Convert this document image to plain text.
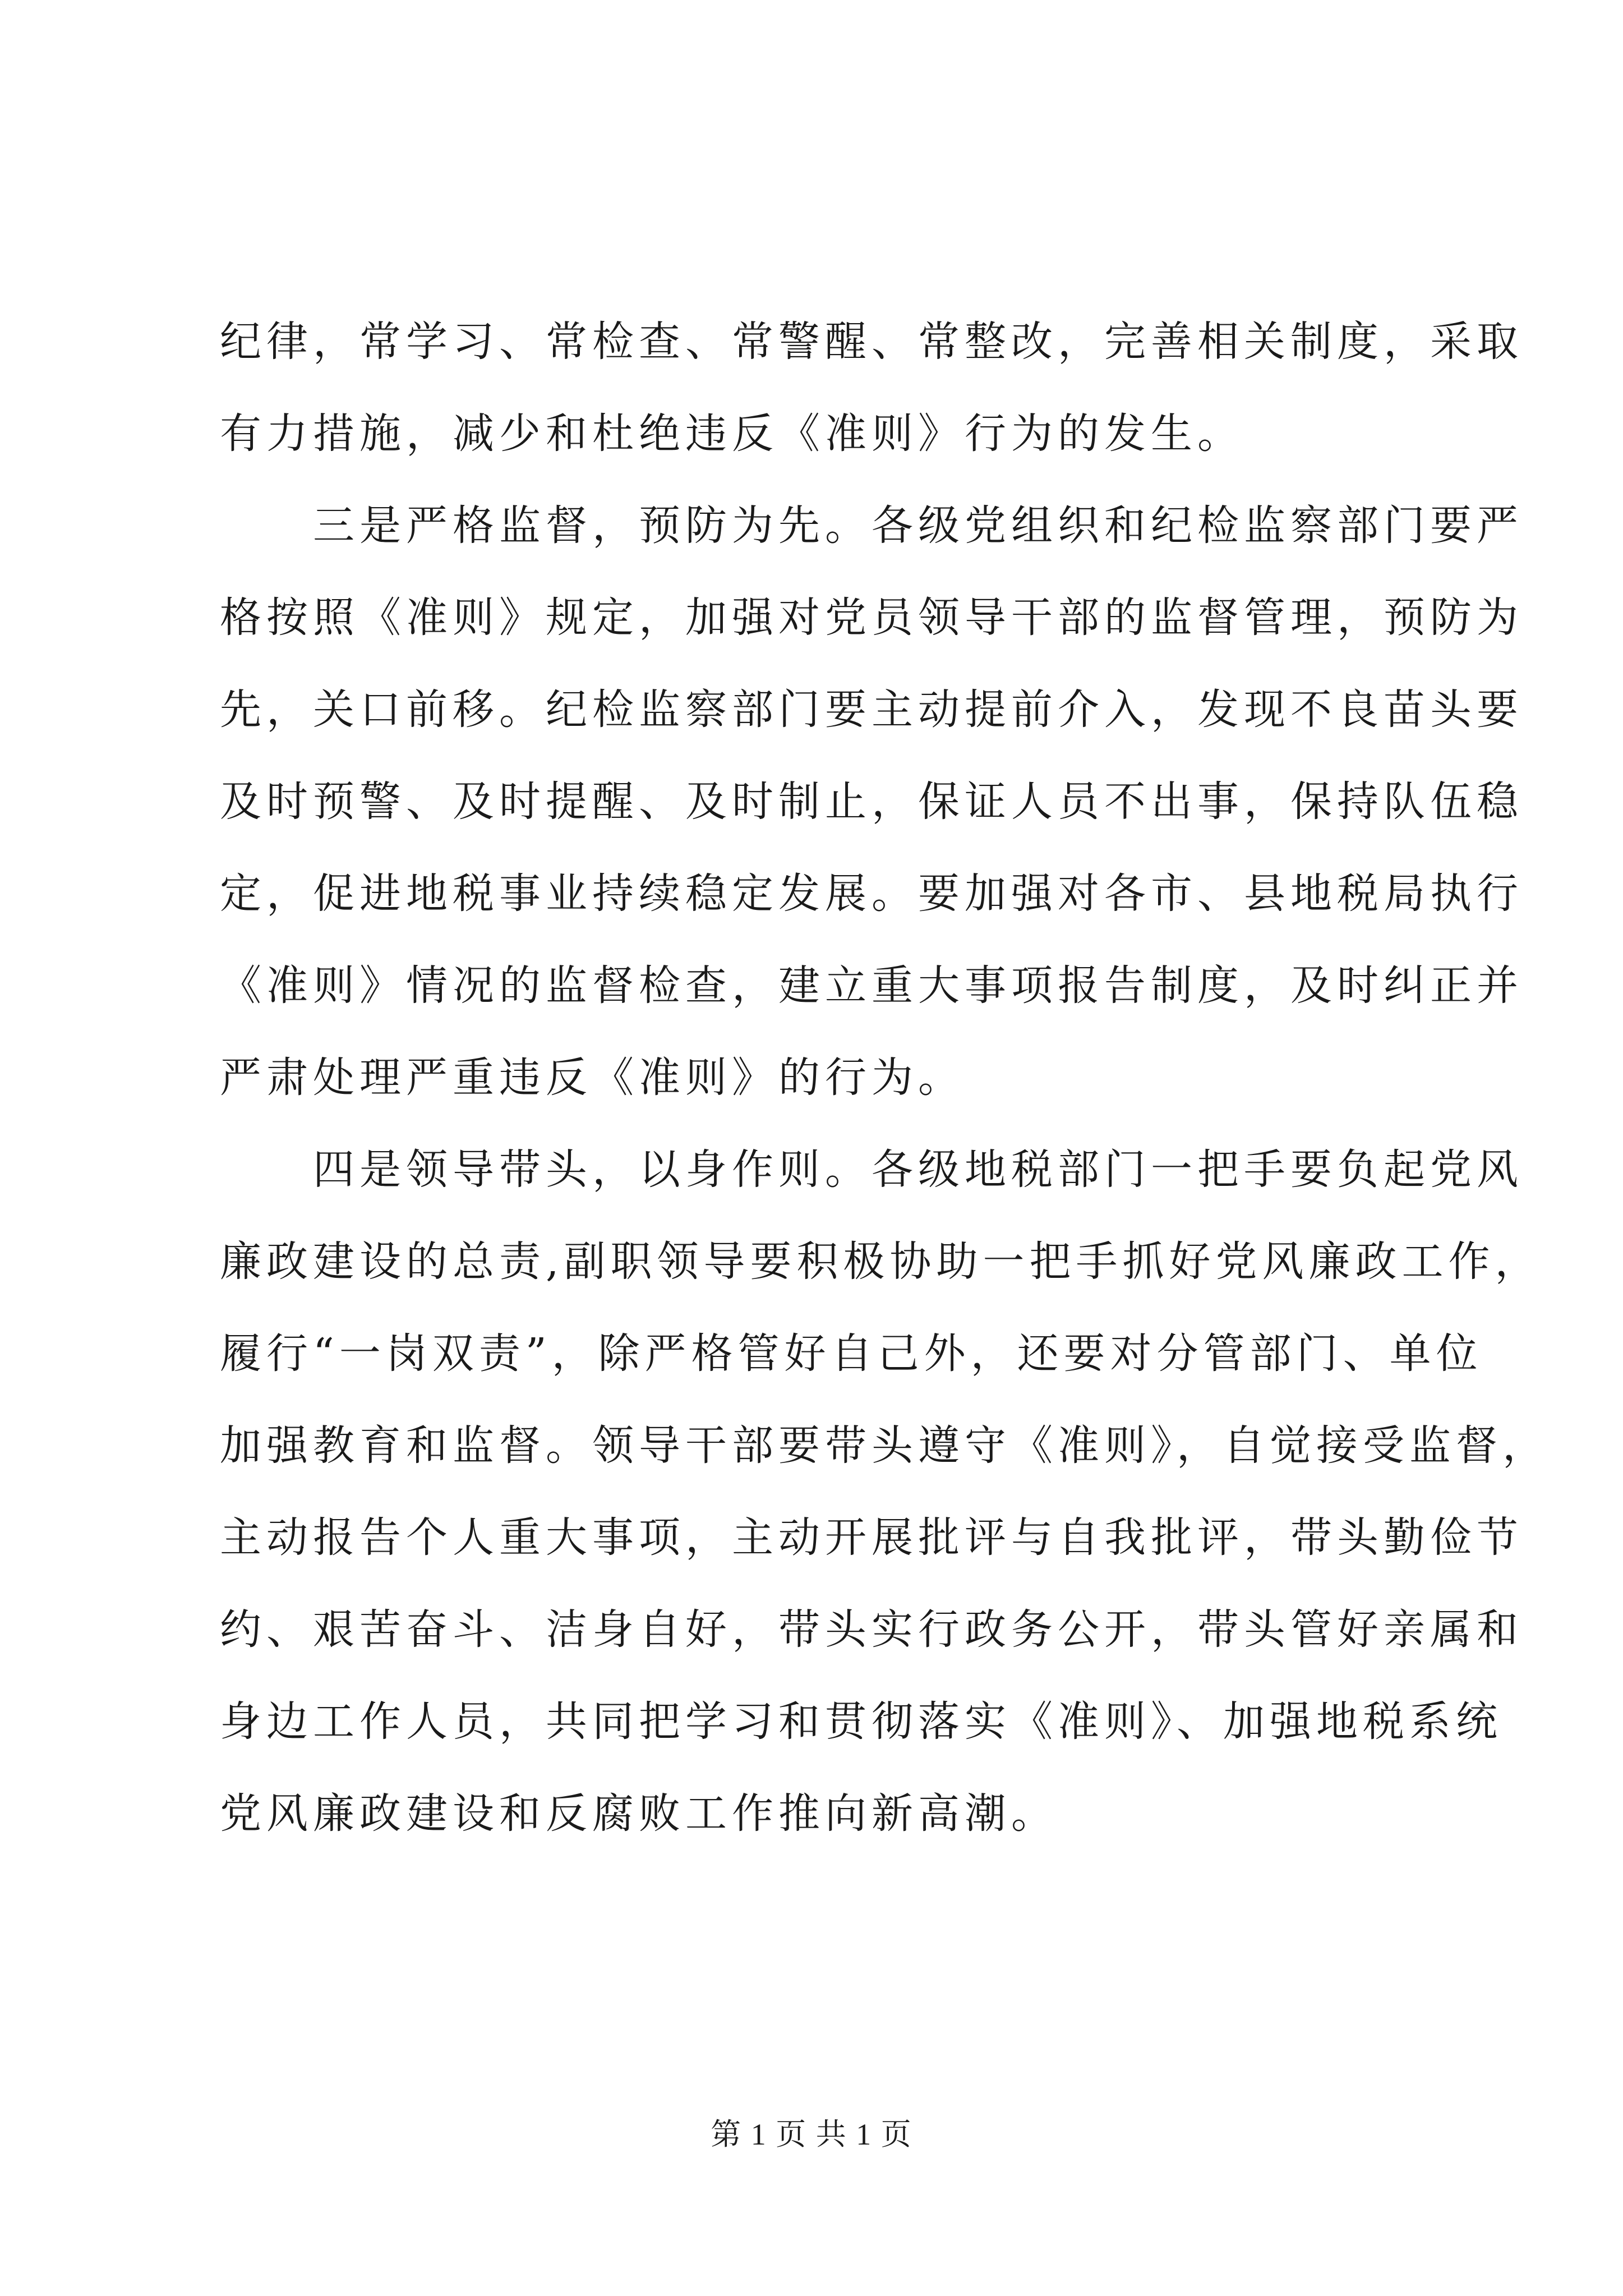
纪律，常学习、常检查、常警醒、常整改，完善相关制度，采取
有力措施，减少和杜绝违反《准则》行为的发生。
　　三是严格监督，预防为先。各级党组织和纪检监察部门要严
格按照《准则》规定，加强对党员领导干部的监督管理，预防为
先，关口前移。纪检监察部门要主动提前介入，发现不良苗头要
及时预警、及时提醒、及时制止，保证人员不出事，保持队伍稳
定，促进地税事业持续稳定发展。要加强对各市、县地税局执行
《准则》情况的监督检查，建立重大事项报告制度，及时纠正并
严肃处理严重违反《准则》的行为。
　　四是领导带头，以身作则。各级地税部门一把手要负起党风
廉政建设的总责,副职领导要积极协助一把手抓好党风廉政工作，
履行“一岗双责”，除严格管好自己外，还要对分管部门、单位
加强教育和监督。领导干部要带头遵守《准则》，自觉接受监督，
主动报告个人重大事项，主动开展批评与自我批评，带头勤俭节
约、艰苦奋斗、洁身自好，带头实行政务公开，带头管好亲属和
身边工作人员，共同把学习和贯彻落实《准则》、加强地税系统
党风廉政建设和反腐败工作推向新高潮。
第 1 页 共 1 页
